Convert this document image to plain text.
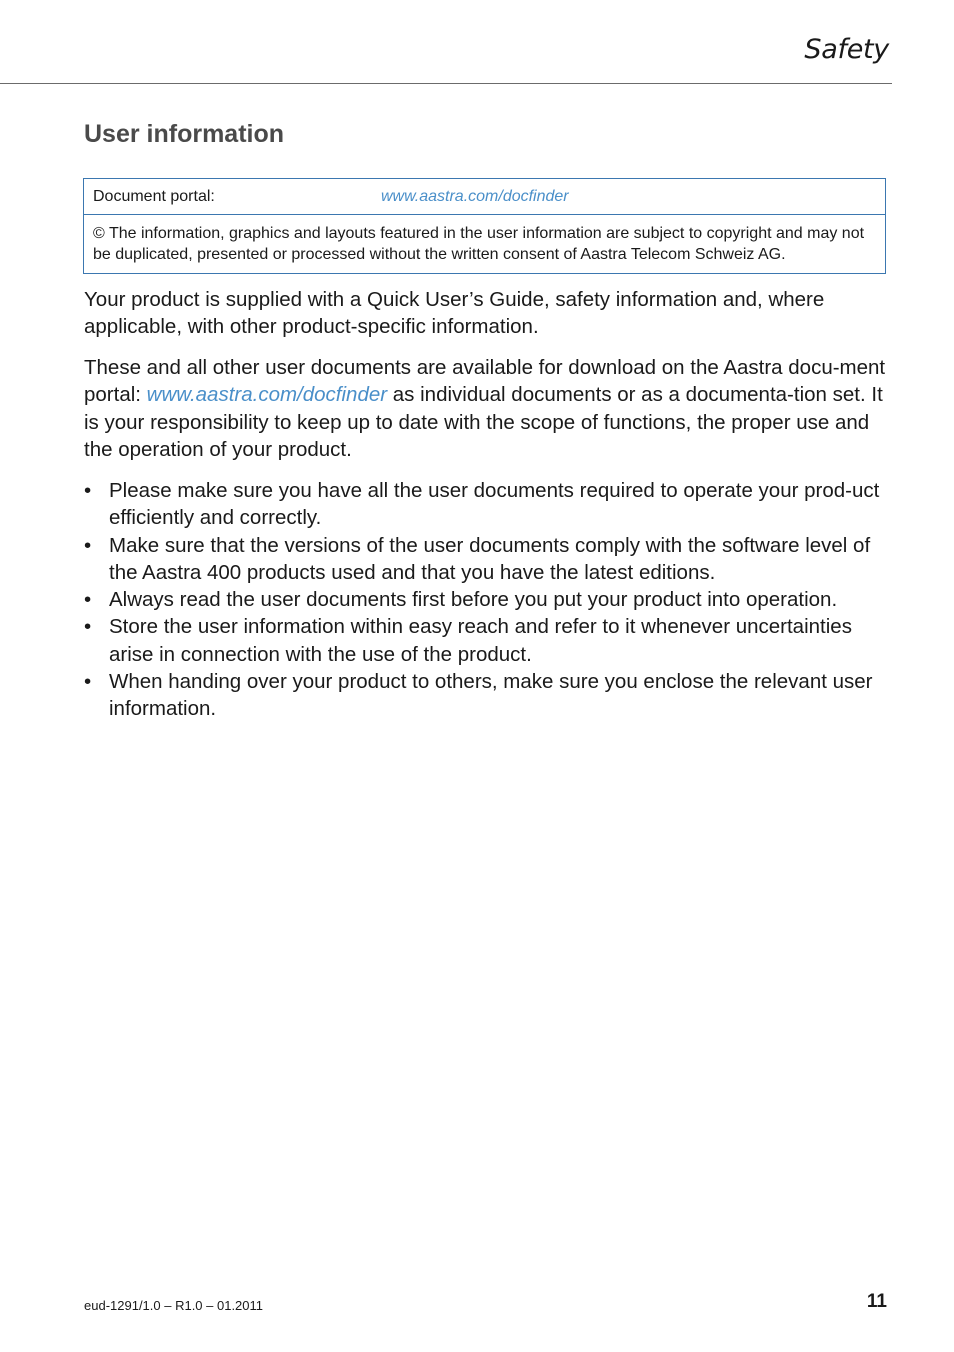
Safety
User information
Document portal:	www.aastra.com/docfinder
© The information, graphics and layouts featured in the user information are subject to copyright and may not be duplicated, presented or processed without the written consent of Aastra Telecom Schweiz AG.

Your product is supplied with a Quick User’s Guide, safety information and, where applicable, with other product-specific information.

These and all other user documents are available for download on the Aastra docu-ment portal: www.aastra.com/docfinder as individual documents or as a documenta-tion set. It is your responsibility to keep up to date with the scope of functions, the proper use and the operation of your product.

• Please make sure you have all the user documents required to operate your prod-uct efficiently and correctly.
• Make sure that the versions of the user documents comply with the software level of the Aastra 400 products used and that you have the latest editions.
• Always read the user documents first before you put your product into operation.
• Store the user information within easy reach and refer to it whenever uncertainties arise in connection with the use of the product.
• When handing over your product to others, make sure you enclose the relevant user information.
eud-1291/1.0 – R1.0 – 01.2011	11
